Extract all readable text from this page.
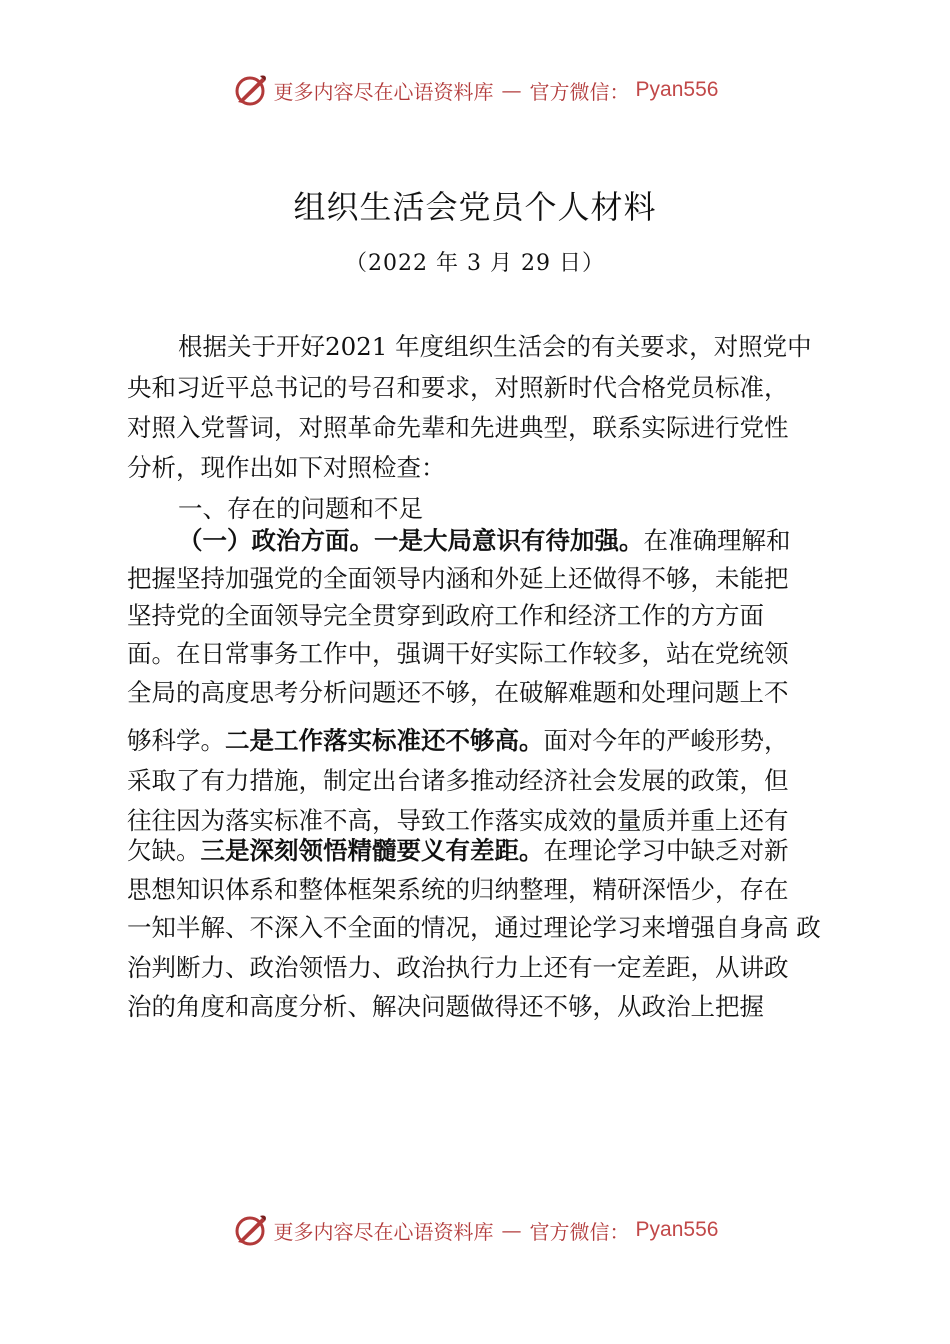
更多内容尽在心语资料库 — 官方微信： Pyan556
组织生活会党员个人材料

（2022 年 3 月 29 日）

根据关于开好2021 年度组织生活会的有关要求，对照党中

央和习近平总书记的号召和要求，对照新时代合格党员标准，

对照入党誓词，对照革命先辈和先进典型，联系实际进行党性

分析，现作出如下对照检查：

一、存在的问题和不足

（一）政治方面。一是大局意识有待加强。在准确理解和

把握坚持加强党的全面领导内涵和外延上还做得不够，未能把

坚持党的全面领导完全贯穿到政府工作和经济工作的方方面

面。在日常事务工作中，强调干好实际工作较多，站在党统领

全局的高度思考分析问题还不够，在破解难题和处理问题上不

够科学。二是工作落实标准还不够高。面对今年的严峻形势，

采取了有力措施，制定出台诸多推动经济社会发展的政策，但

往往因为落实标准不高，导致工作落实成效的量质并重上还有

欠缺。三是深刻领悟精髓要义有差距。在理论学习中缺乏对新

思想知识体系和整体框架系统的归纳整理，精研深悟少，存在

一知半解、不深入不全面的情况，通过理论学习来增强自身高 政

治判断力、政治领悟力、政治执行力上还有一定差距，从讲政

治的角度和高度分析、解决问题做得还不够，从政治上把握

更多内容尽在心语资料库 — 官方微信： Pyan556
